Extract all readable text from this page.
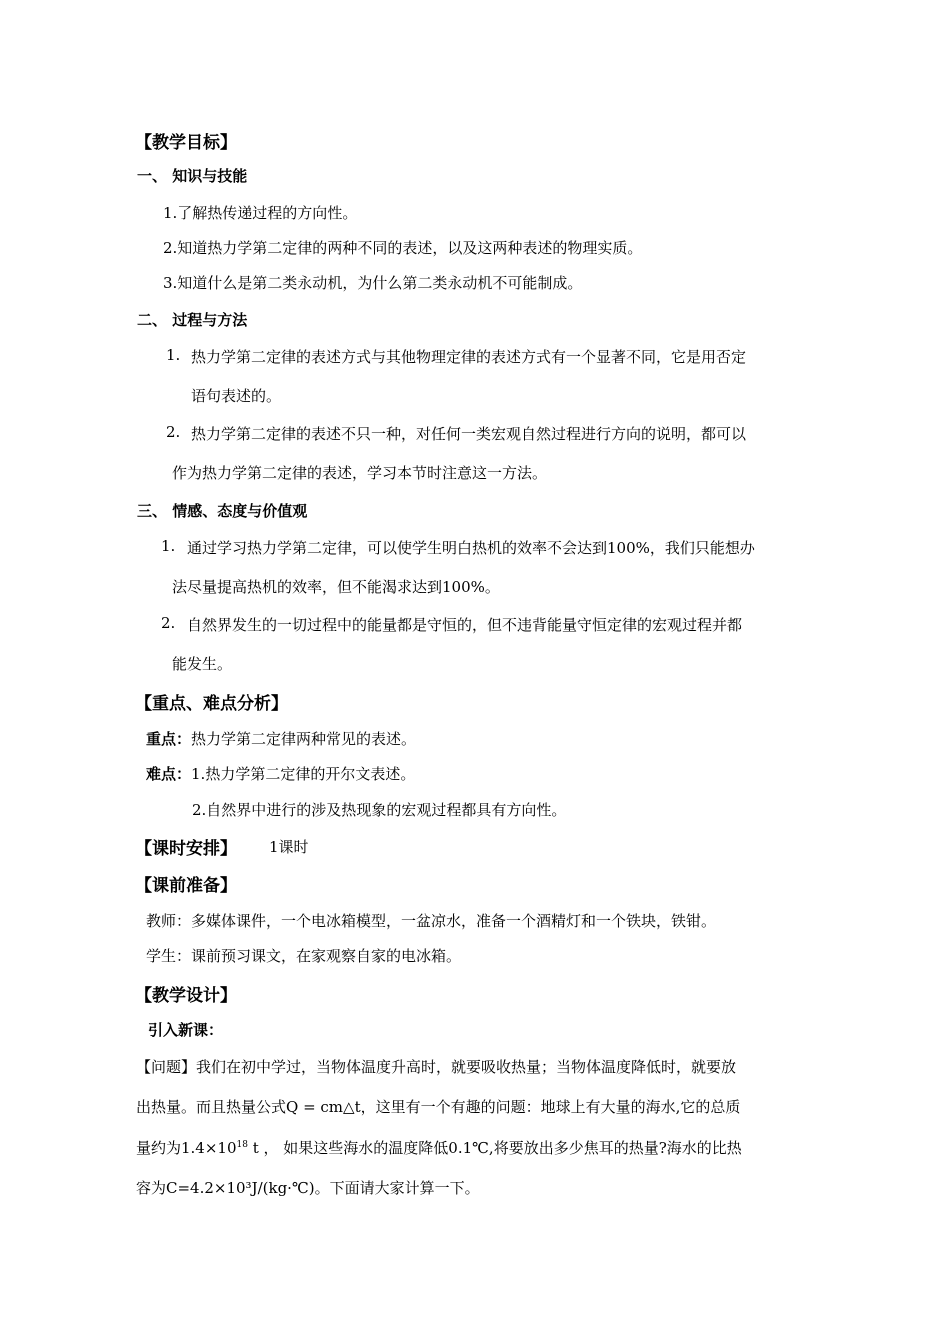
【教学目标】
一、 知识与技能
1.了解热传递过程的方向性。
2.知道热力学第二定律的两种不同的表述，以及这两种表述的物理实质。
3.知道什么是第二类永动机，为什么第二类永动机不可能制成。
二、 过程与方法
1. 热力学第二定律的表述方式与其他物理定律的表述方式有一个显著不同，它是用否定
语句表述的。
2. 热力学第二定律的表述不只一种，对任何一类宏观自然过程进行方向的说明，都可以
作为热力学第二定律的表述，学习本节时注意这一方法。
三、 情感、态度与价值观
1. 通过学习热力学第二定律，可以使学生明白热机的效率不会达到100%，我们只能想办
法尽量提高热机的效率，但不能渴求达到100%。
2. 自然界发生的一切过程中的能量都是守恒的，但不违背能量守恒定律的宏观过程并都
能发生。
【重点、难点分析】
重点：热力学第二定律两种常见的表述。
难点：1.热力学第二定律的开尔文表述。
2.自然界中进行的涉及热现象的宏观过程都具有方向性。
【课时安排】 1课时
【课前准备】
教师：多媒体课件，一个电冰箱模型，一盆凉水，准备一个酒精灯和一个铁块，铁钳。
学生：课前预习课文，在家观察自家的电冰箱。
【教学设计】
引入新课：
【问题】我们在初中学过，当物体温度升高时，就要吸收热量；当物体温度降低时，就要放
出热量。而且热量公式Q = cm△t，这里有一个有趣的问题：地球上有大量的海水,它的总质
量约为$1.4\times 10^{18}$ t ， 如果这些海水的温度降低0.1℃,将要放出多少焦耳的热量?海水的比热
容为C=4.2×10³J/(kg·℃)。下面请大家计算一下。
